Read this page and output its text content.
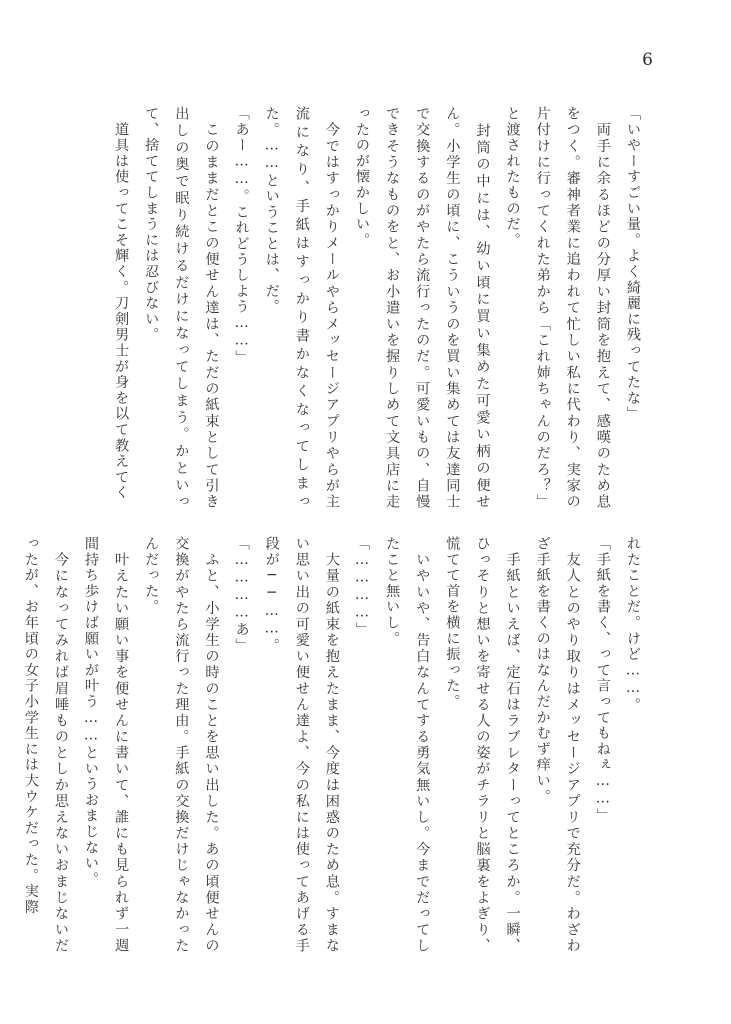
6

「いやーすごい量。よく綺麗に残ってたな」

　両手に余るほどの分厚い封筒を抱えて、感嘆のため息をつく。審神者業に追われて忙しい私に代わり、実家の片付けに行ってくれた弟から「これ姉ちゃんのだろ？」と渡されたものだ。

　封筒の中には、幼い頃に買い集めた可愛い柄の便せん。小学生の頃に、こういうのを買い集めては友達同士で交換するのがやたら流行ったのだ。可愛いもの、自慢できそうなものをと、お小遣いを握りしめて文具店に走ったのが懐かしい。

　今ではすっかりメールやらメッセージアプリやらが主流になり、手紙はすっかり書かなくなってしまった。……ということは、だ。

「あー……。これどうしよう……」

　このままだとこの便せん達は、ただの紙束として引き出しの奥で眠り続けるだけになってしまう。かといって、捨ててしまうには忍びない。

　道具は使ってこそ輝く。刀剣男士が身を以て教えてく

れたことだ。けど……。

「手紙を書く、って言ってもねぇ……」

　友人とのやり取りはメッセージアプリで充分だ。わざわざ手紙を書くのはなんだかむず痒い。

　手紙といえば、定石はラブレターってところか。一瞬、ひっそりと想いを寄せる人の姿がチラリと脳裏をよぎり、慌てて首を横に振った。

　いやいや、告白なんてする勇気無いし。今までだってしたこと無いし。

「…………」

　大量の紙束を抱えたまま、今度は困惑のため息。すまない思い出の可愛い便せん達よ、今の私には使ってあげる手段が──……。

「…………あ」

　ふと、小学生の時のことを思い出した。あの頃便せんの交換がやたら流行った理由。手紙の交換だけじゃなかったんだった。

　叶えたい願い事を便せんに書いて、誰にも見られず一週間持ち歩けば願いが叶う……というおまじない。

　今になってみれば眉唾ものとしか思えないおまじないだったが、お年頃の女子小学生には大ウケだった。実際
